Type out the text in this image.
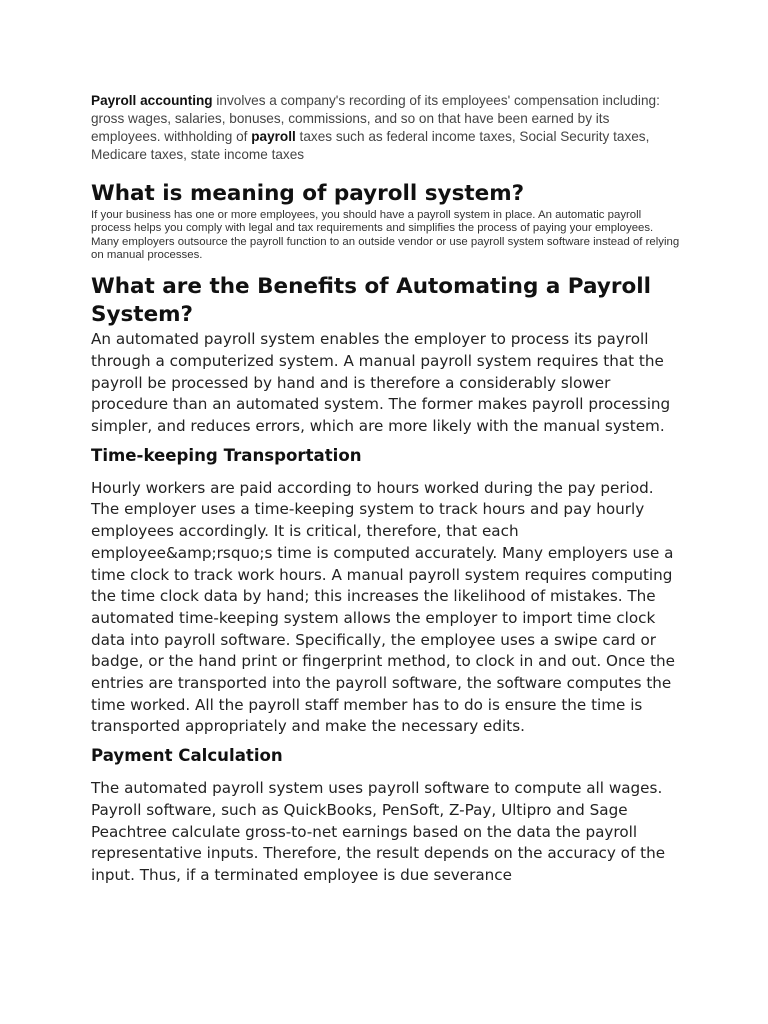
Payroll accounting involves a company's recording of its employees' compensation including: gross wages, salaries, bonuses, commissions, and so on that have been earned by its employees. withholding of payroll taxes such as federal income taxes, Social Security taxes, Medicare taxes, state income taxes

What is meaning of payroll system?

If your business has one or more employees, you should have a payroll system in place. An automatic payroll process helps you comply with legal and tax requirements and simplifies the process of paying your employees. Many employers outsource the payroll function to an outside vendor or use payroll system software instead of relying on manual processes.

What are the Benefits of Automating a Payroll System?

An automated payroll system enables the employer to process its payroll through a computerized system. A manual payroll system requires that the payroll be processed by hand and is therefore a considerably slower procedure than an automated system. The former makes payroll processing simpler, and reduces errors, which are more likely with the manual system.

Time-keeping Transportation

Hourly workers are paid according to hours worked during the pay period. The employer uses a time-keeping system to track hours and pay hourly employees accordingly. It is critical, therefore, that each employee&amp;rsquo;s time is computed accurately. Many employers use a time clock to track work hours. A manual payroll system requires computing the time clock data by hand; this increases the likelihood of mistakes. The automated time-keeping system allows the employer to import time clock data into payroll software. Specifically, the employee uses a swipe card or badge, or the hand print or fingerprint method, to clock in and out. Once the entries are transported into the payroll software, the software computes the time worked. All the payroll staff member has to do is ensure the time is transported appropriately and make the necessary edits.

Payment Calculation

The automated payroll system uses payroll software to compute all wages. Payroll software, such as QuickBooks, PenSoft, Z-Pay, Ultipro and Sage Peachtree calculate gross-to-net earnings based on the data the payroll representative inputs. Therefore, the result depends on the accuracy of the input. Thus, if a terminated employee is due severance
